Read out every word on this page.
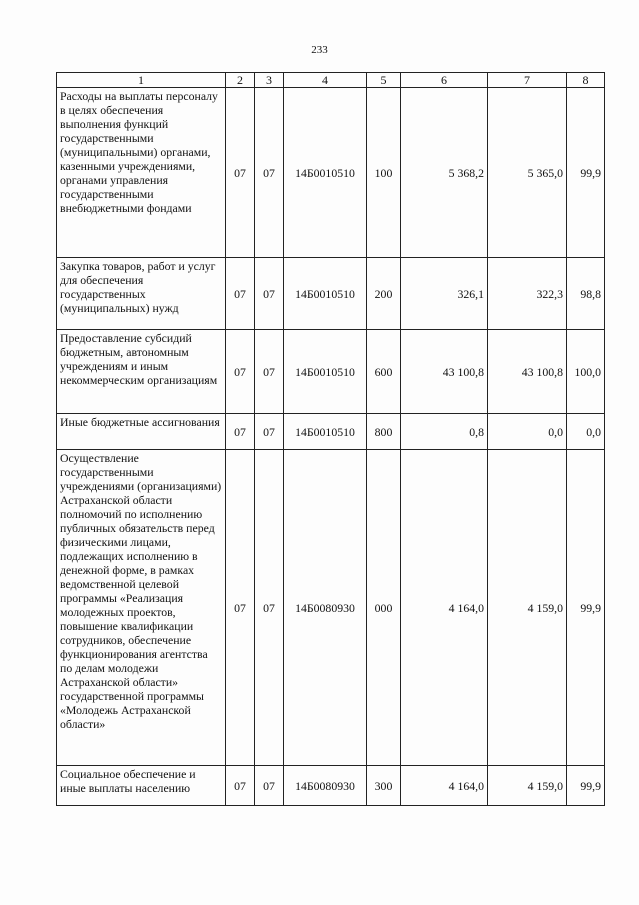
233
1	2	3	4	5	6	7	8
Расходы на выплаты персоналу в целях обеспечения выполнения функций государственными (муниципальными) органами, казенными учреждениями, органами управления государственными внебюджетными фондами	07	07	14Б0010510	100	5 368,2	5 365,0	99,9
Закупка товаров, работ и услуг для обеспечения государственных (муниципальных) нужд	07	07	14Б0010510	200	326,1	322,3	98,8
Предоставление субсидий бюджетным, автономным учреждениям и иным некоммерческим организациям	07	07	14Б0010510	600	43 100,8	43 100,8	100,0
Иные бюджетные ассигнования	07	07	14Б0010510	800	0,8	0,0	0,0
Осуществление государственными учреждениями (организациями) Астраханской области полномочий по исполнению публичных обязательств перед физическими лицами, подлежащих исполнению в денежной форме, в рамках ведомственной целевой программы «Реализация молодежных проектов, повышение квалификации сотрудников, обеспечение функционирования агентства по делам молодежи Астраханской области» государственной программы «Молодежь Астраханской области»	07	07	14Б0080930	000	4 164,0	4 159,0	99,9
Социальное обеспечение и иные выплаты населению	07	07	14Б0080930	300	4 164,0	4 159,0	99,9
